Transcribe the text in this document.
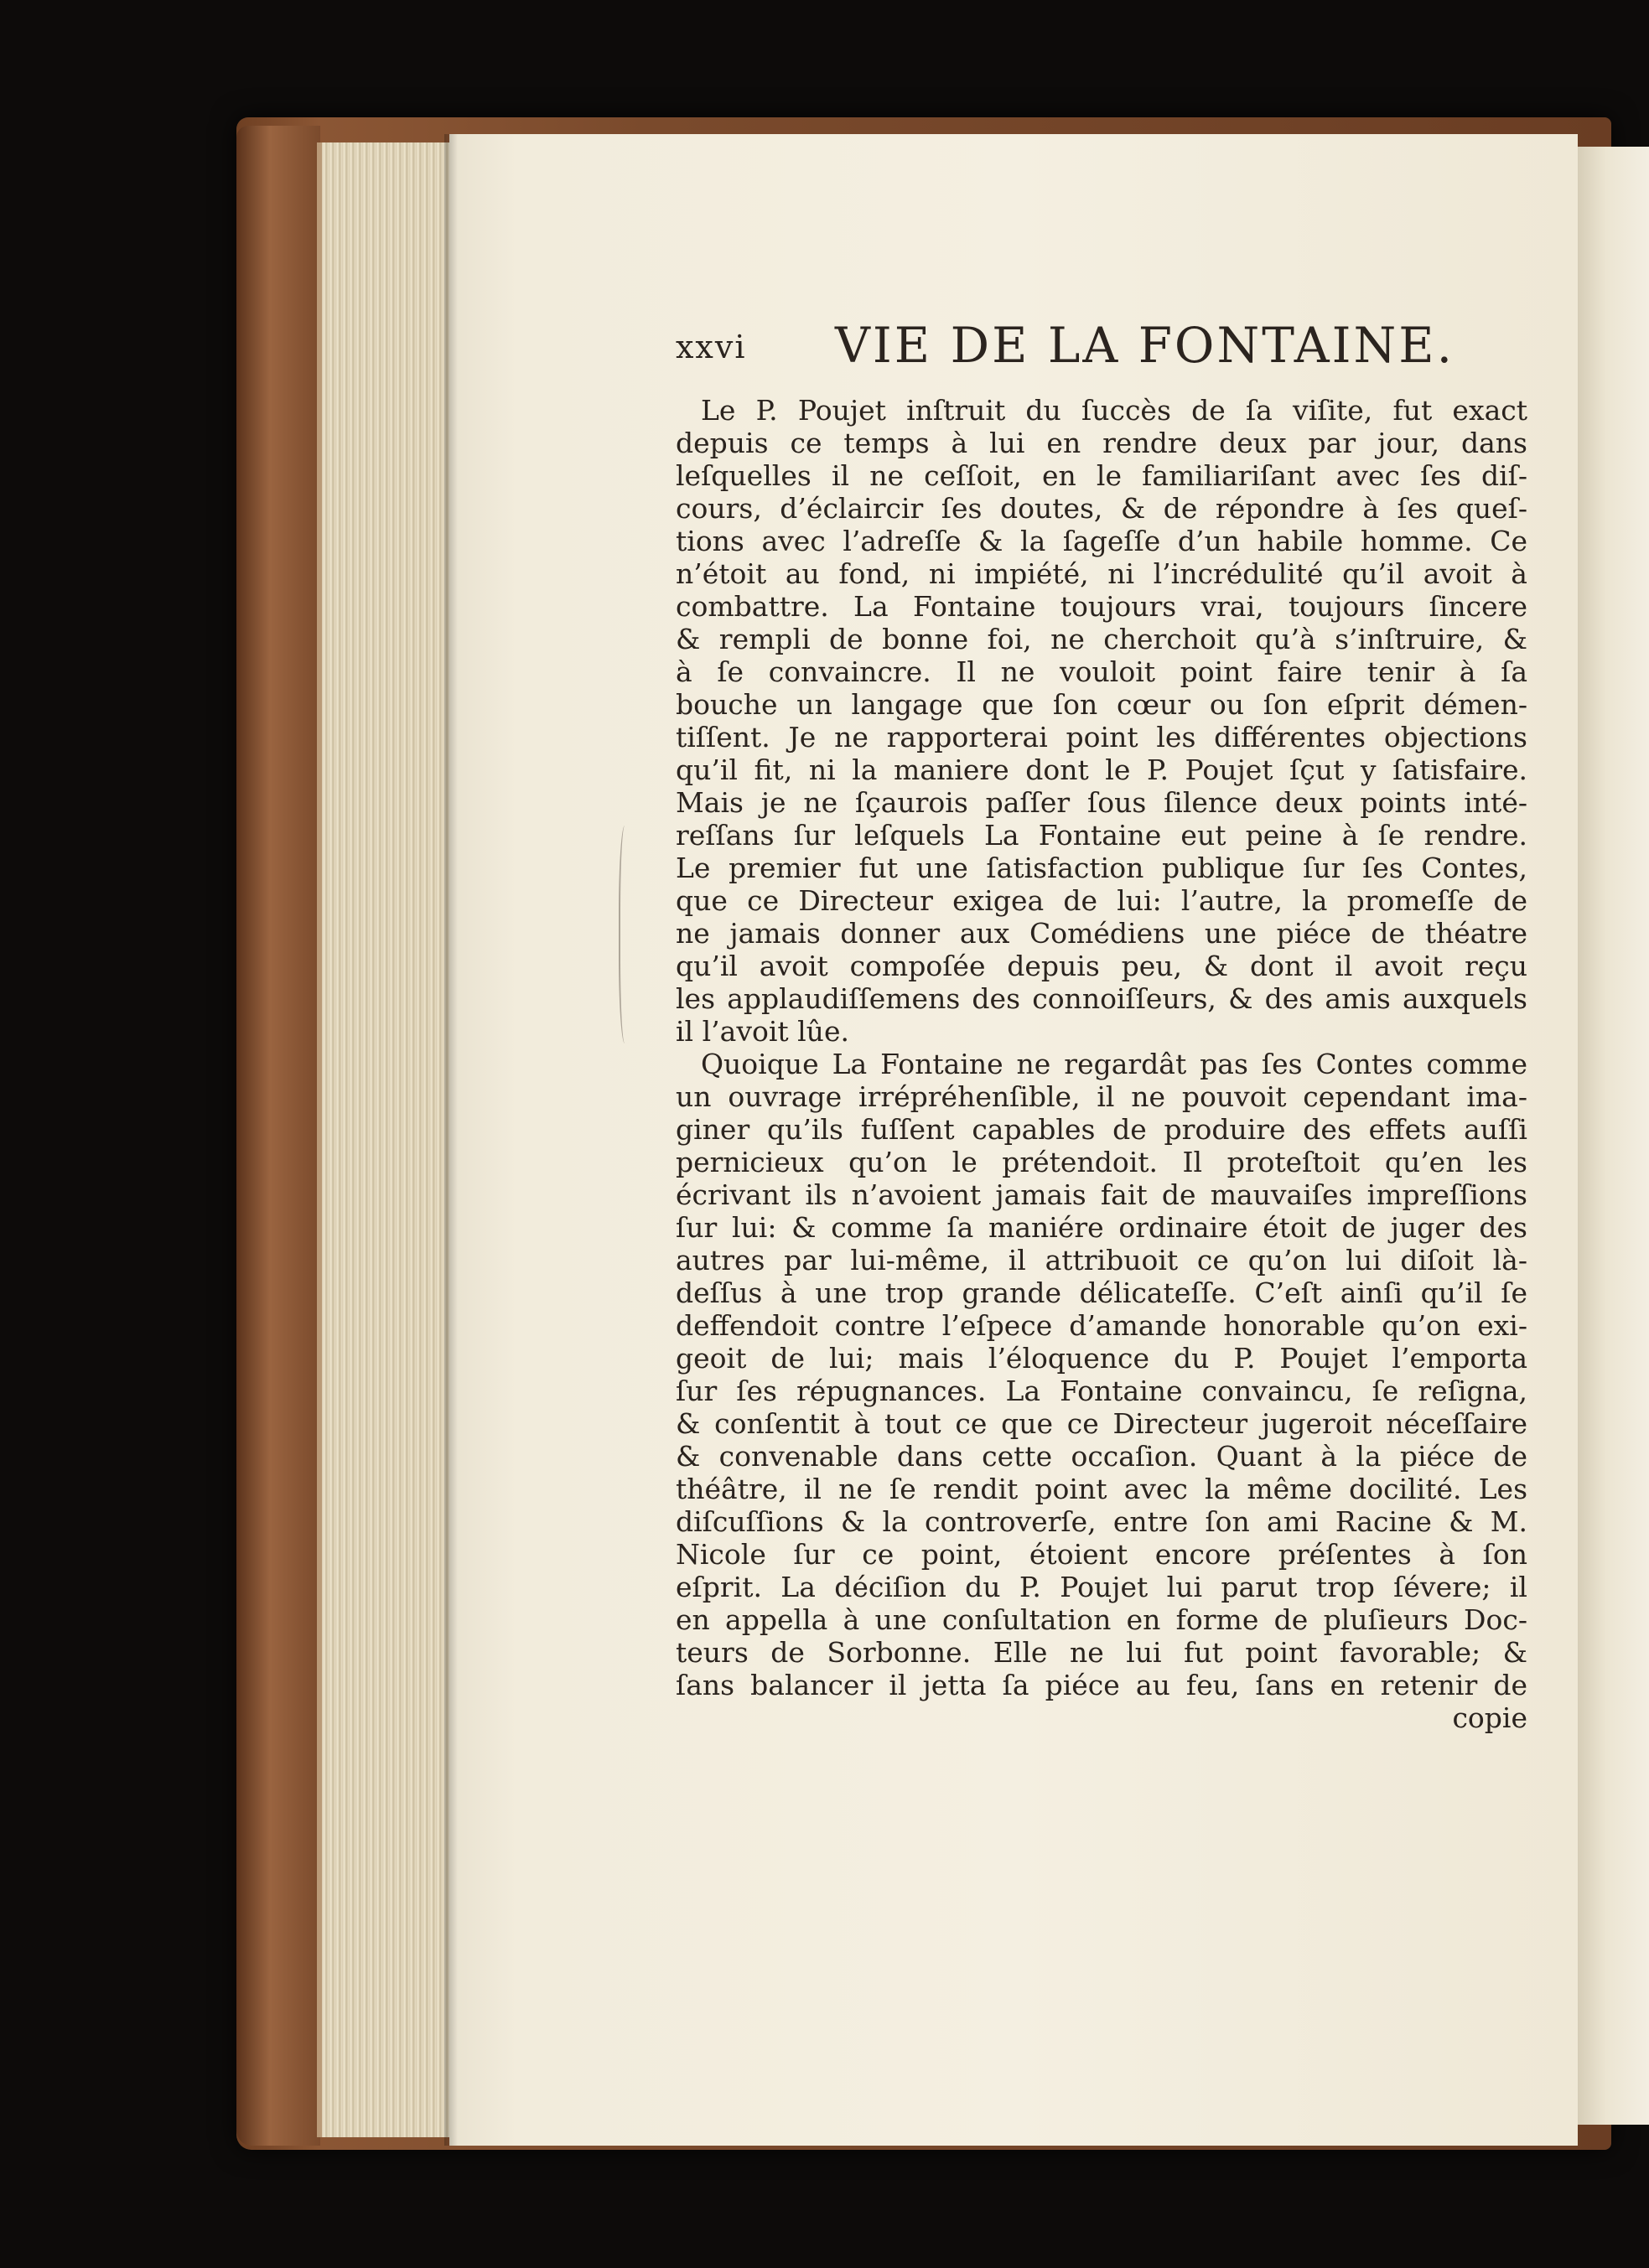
xxvi VIE DE LA FONTAINE.
Le P. Poujet inſtruit du ſuccès de ſa viſite, fut exact
depuis ce temps à lui en rendre deux par jour, dans
leſquelles il ne ceſſoit, en le familiariſant avec ſes diſ-
cours, d’éclaircir ſes doutes, & de répondre à ſes queſ-
tions avec l’adreſſe & la ſageſſe d’un habile homme. Ce
n’étoit au fond, ni impiété, ni l’incrédulité qu’il avoit à
combattre. La Fontaine toujours vrai, toujours ſincere
& rempli de bonne foi, ne cherchoit qu’à s’inſtruire, &
à ſe convaincre. Il ne vouloit point faire tenir à ſa
bouche un langage que ſon cœur ou ſon eſprit démen-
tiſſent. Je ne rapporterai point les différentes objections
qu’il fit, ni la maniere dont le P. Poujet ſçut y ſatisfaire.
Mais je ne ſçaurois paſſer ſous ſilence deux points inté-
reſſans ſur leſquels La Fontaine eut peine à ſe rendre.
Le premier fut une ſatisfaction publique ſur ſes Contes,
que ce Directeur exigea de lui: l’autre, la promeſſe de
ne jamais donner aux Comédiens une piéce de théatre
qu’il avoit compoſée depuis peu, & dont il avoit reçu
les applaudiſſemens des connoiſſeurs, & des amis auxquels
il l’avoit lûe.
Quoique La Fontaine ne regardât pas ſes Contes comme
un ouvrage irrépréhenſible, il ne pouvoit cependant ima-
giner qu’ils fuſſent capables de produire des effets auſſi
pernicieux qu’on le prétendoit. Il proteſtoit qu’en les
écrivant ils n’avoient jamais fait de mauvaiſes impreſſions
ſur lui: & comme ſa maniére ordinaire étoit de juger des
autres par lui-même, il attribuoit ce qu’on lui diſoit là-
deſſus à une trop grande délicateſſe. C’eſt ainſi qu’il ſe
deffendoit contre l’eſpece d’amande honorable qu’on exi-
geoit de lui; mais l’éloquence du P. Poujet l’emporta
ſur ſes répugnances. La Fontaine convaincu, ſe reſigna,
& conſentit à tout ce que ce Directeur jugeroit néceſſaire
& convenable dans cette occaſion. Quant à la piéce de
théâtre, il ne ſe rendit point avec la même docilité. Les
diſcuſſions & la controverſe, entre ſon ami Racine & M.
Nicole ſur ce point, étoient encore préſentes à ſon
eſprit. La déciſion du P. Poujet lui parut trop ſévere; il
en appella à une conſultation en forme de pluſieurs Doc-
teurs de Sorbonne. Elle ne lui fut point favorable; &
ſans balancer il jetta ſa piéce au feu, ſans en retenir de
copie
